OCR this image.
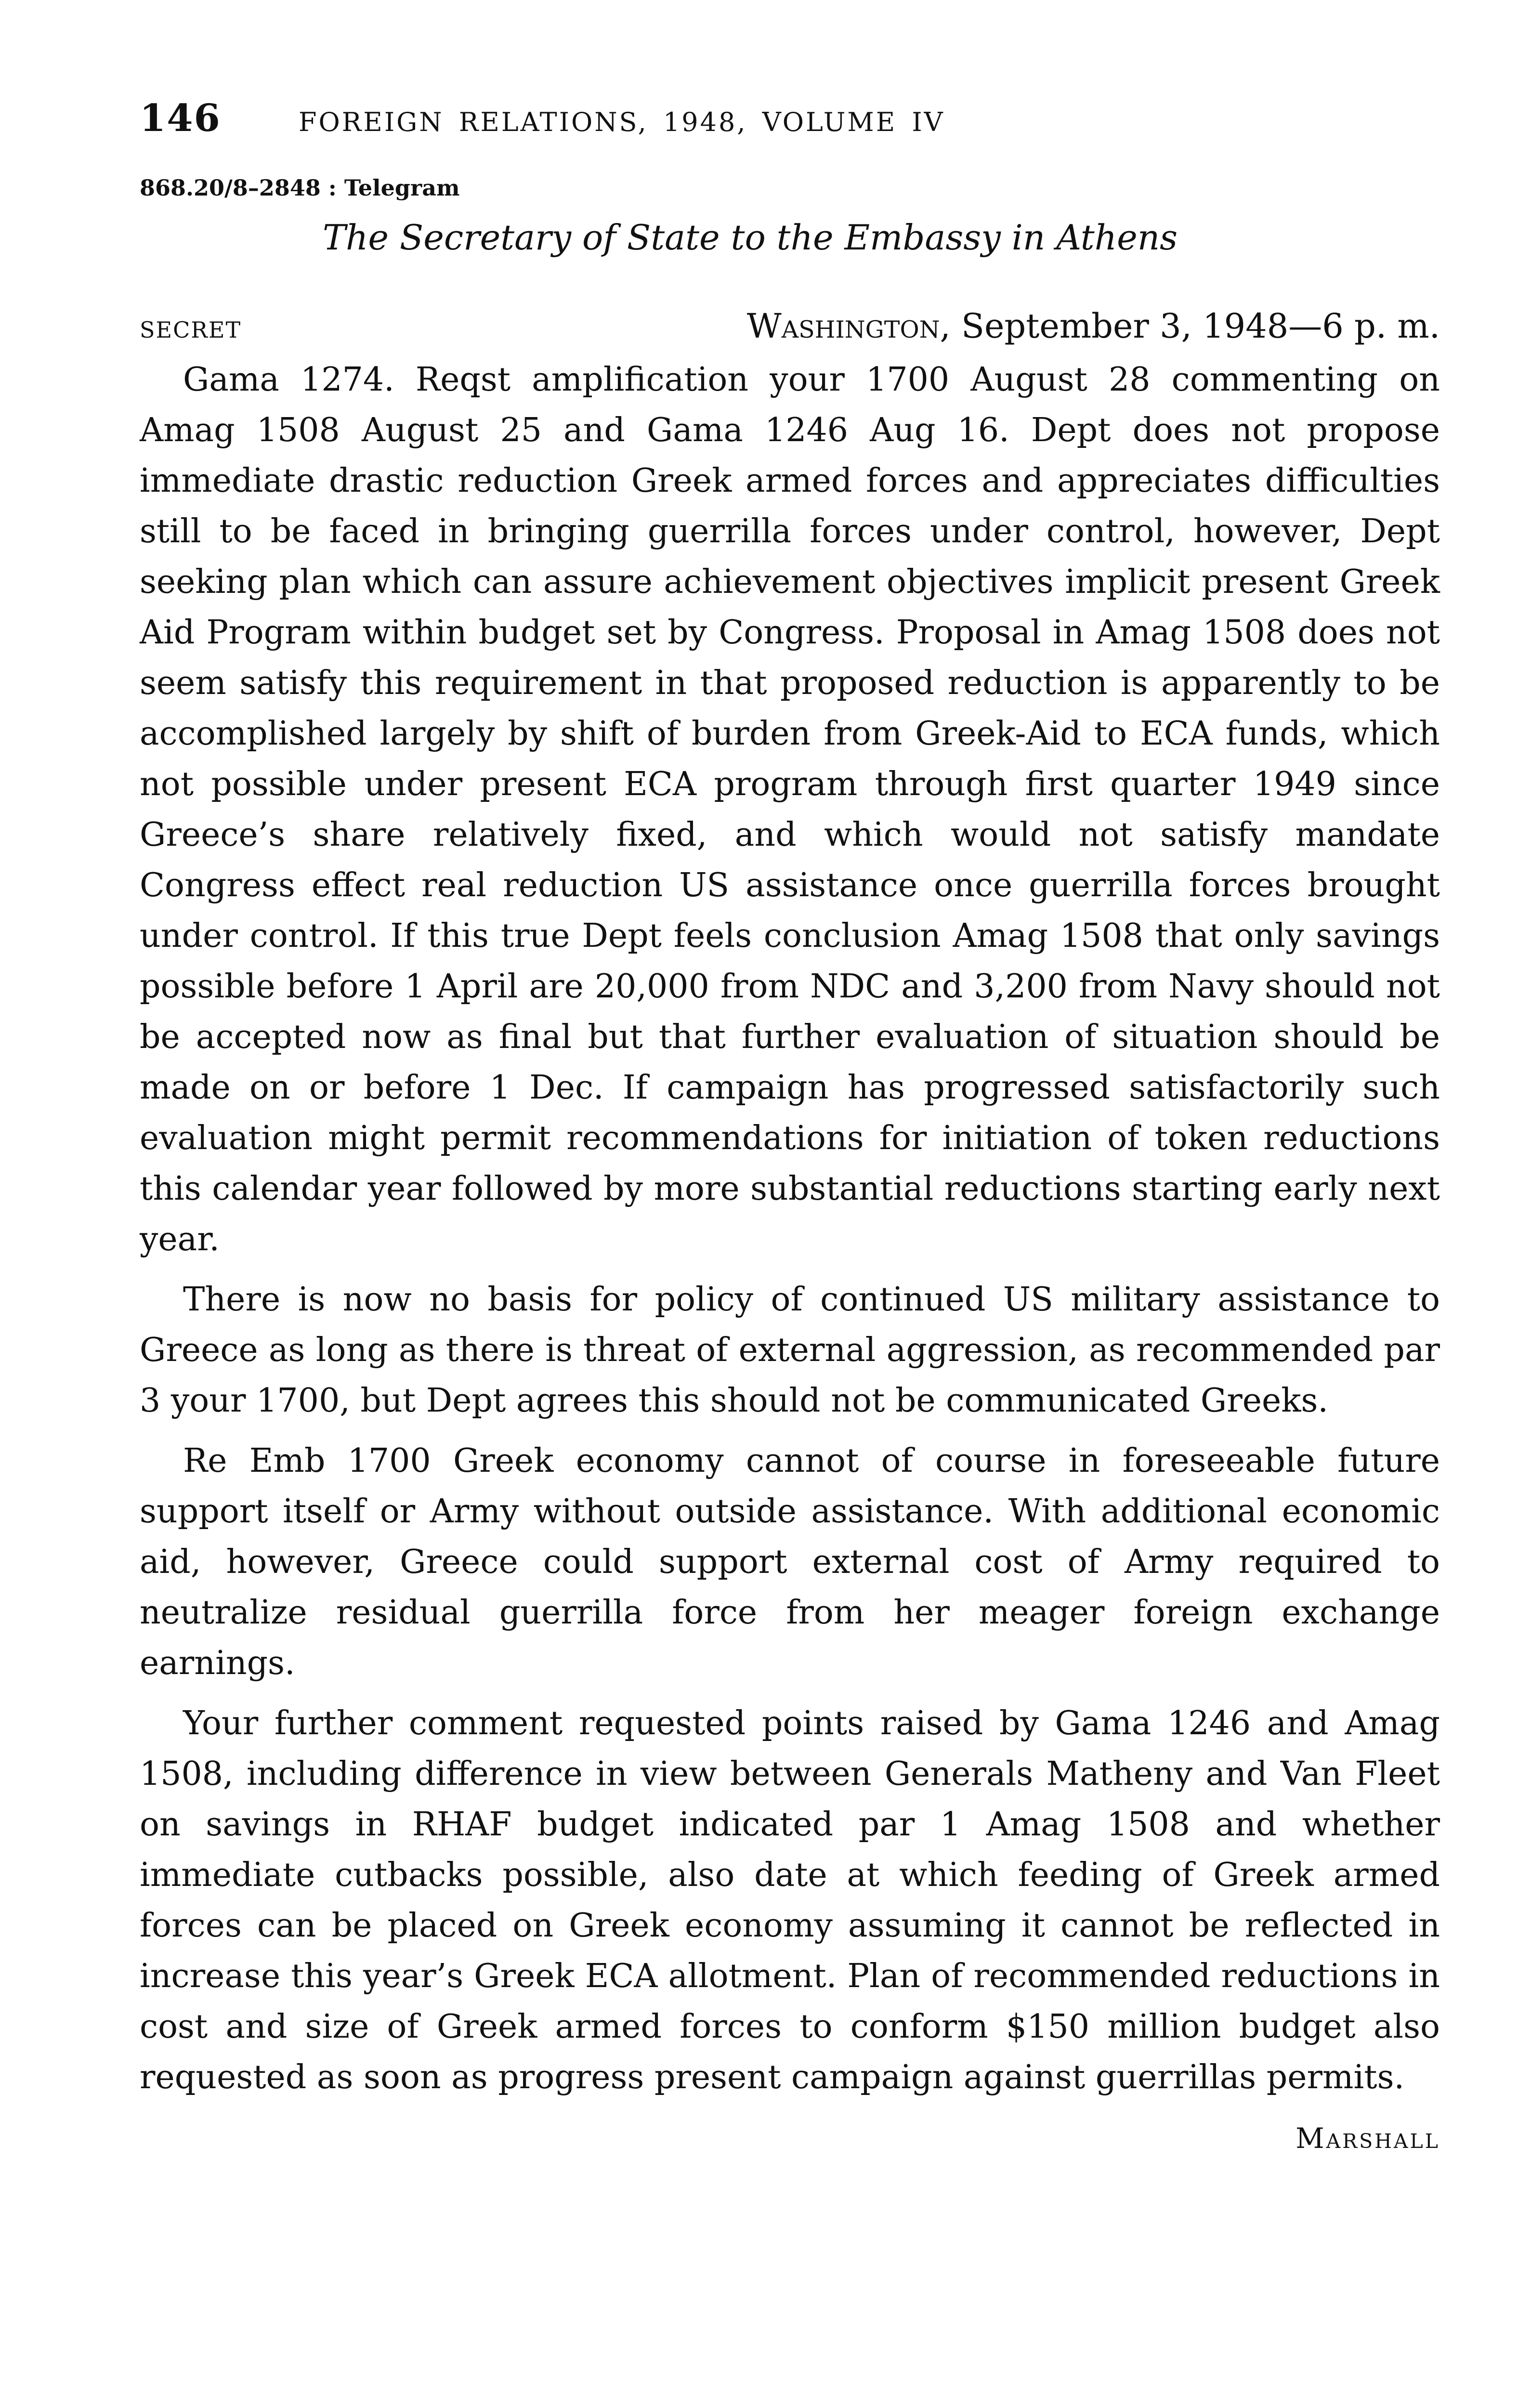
146	FOREIGN RELATIONS, 1948, VOLUME IV
868.20/8–2848 : Telegram
The Secretary of State to the Embassy in Athens
SECRET	Washington, September 3, 1948—6 p. m.

Gama 1274. Reqst amplification your 1700 August 28 commenting on Amag 1508 August 25 and Gama 1246 Aug 16. Dept does not propose immediate drastic reduction Greek armed forces and appreciates difficulties still to be faced in bringing guerrilla forces under control, however, Dept seeking plan which can assure achievement objectives implicit present Greek Aid Program within budget set by Congress. Proposal in Amag 1508 does not seem satisfy this requirement in that proposed reduction is apparently to be accomplished largely by shift of burden from Greek-Aid to ECA funds, which not possible under present ECA program through first quarter 1949 since Greece’s share relatively fixed, and which would not satisfy mandate Congress effect real reduction US assistance once guerrilla forces brought under control. If this true Dept feels conclusion Amag 1508 that only savings possible before 1 April are 20,000 from NDC and 3,200 from Navy should not be accepted now as final but that further evaluation of situation should be made on or before 1 Dec. If campaign has progressed satisfactorily such evaluation might permit recommendations for initiation of token reductions this calendar year followed by more substantial reductions starting early next year.

There is now no basis for policy of continued US military assistance to Greece as long as there is threat of external aggression, as recommended par 3 your 1700, but Dept agrees this should not be communicated Greeks.

Re Emb 1700 Greek economy cannot of course in foreseeable future support itself or Army without outside assistance. With additional economic aid, however, Greece could support external cost of Army required to neutralize residual guerrilla force from her meager foreign exchange earnings.

Your further comment requested points raised by Gama 1246 and Amag 1508, including difference in view between Generals Matheny and Van Fleet on savings in RHAF budget indicated par 1 Amag 1508 and whether immediate cutbacks possible, also date at which feeding of Greek armed forces can be placed on Greek economy assuming it cannot be reflected in increase this year’s Greek ECA allotment. Plan of recommended reductions in cost and size of Greek armed forces to conform $150 million budget also requested as soon as progress present campaign against guerrillas permits.

Marshall
